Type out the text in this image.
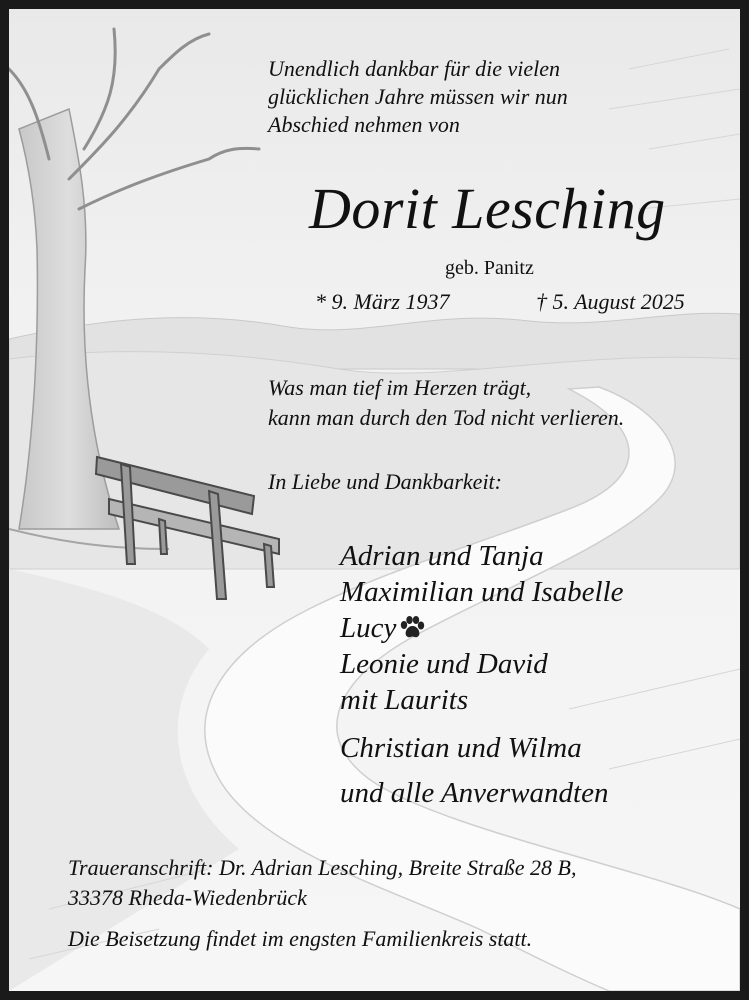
Unendlich dankbar für die vielen
glücklichen Jahre müssen wir nun
Abschied nehmen von
Dorit Lesching
geb. Panitz
* 9. März 1937	† 5. August 2025
Was man tief im Herzen trägt,
kann man durch den Tod nicht verlieren.
In Liebe und Dankbarkeit:
Adrian und Tanja
Maximilian und Isabelle
Lucy
Leonie und David
mit Laurits
Christian und Wilma
und alle Anverwandten
Traueranschrift: Dr. Adrian Lesching, Breite Straße 28 B,
33378 Rheda-Wiedenbrück
Die Beisetzung findet im engsten Familienkreis statt.
